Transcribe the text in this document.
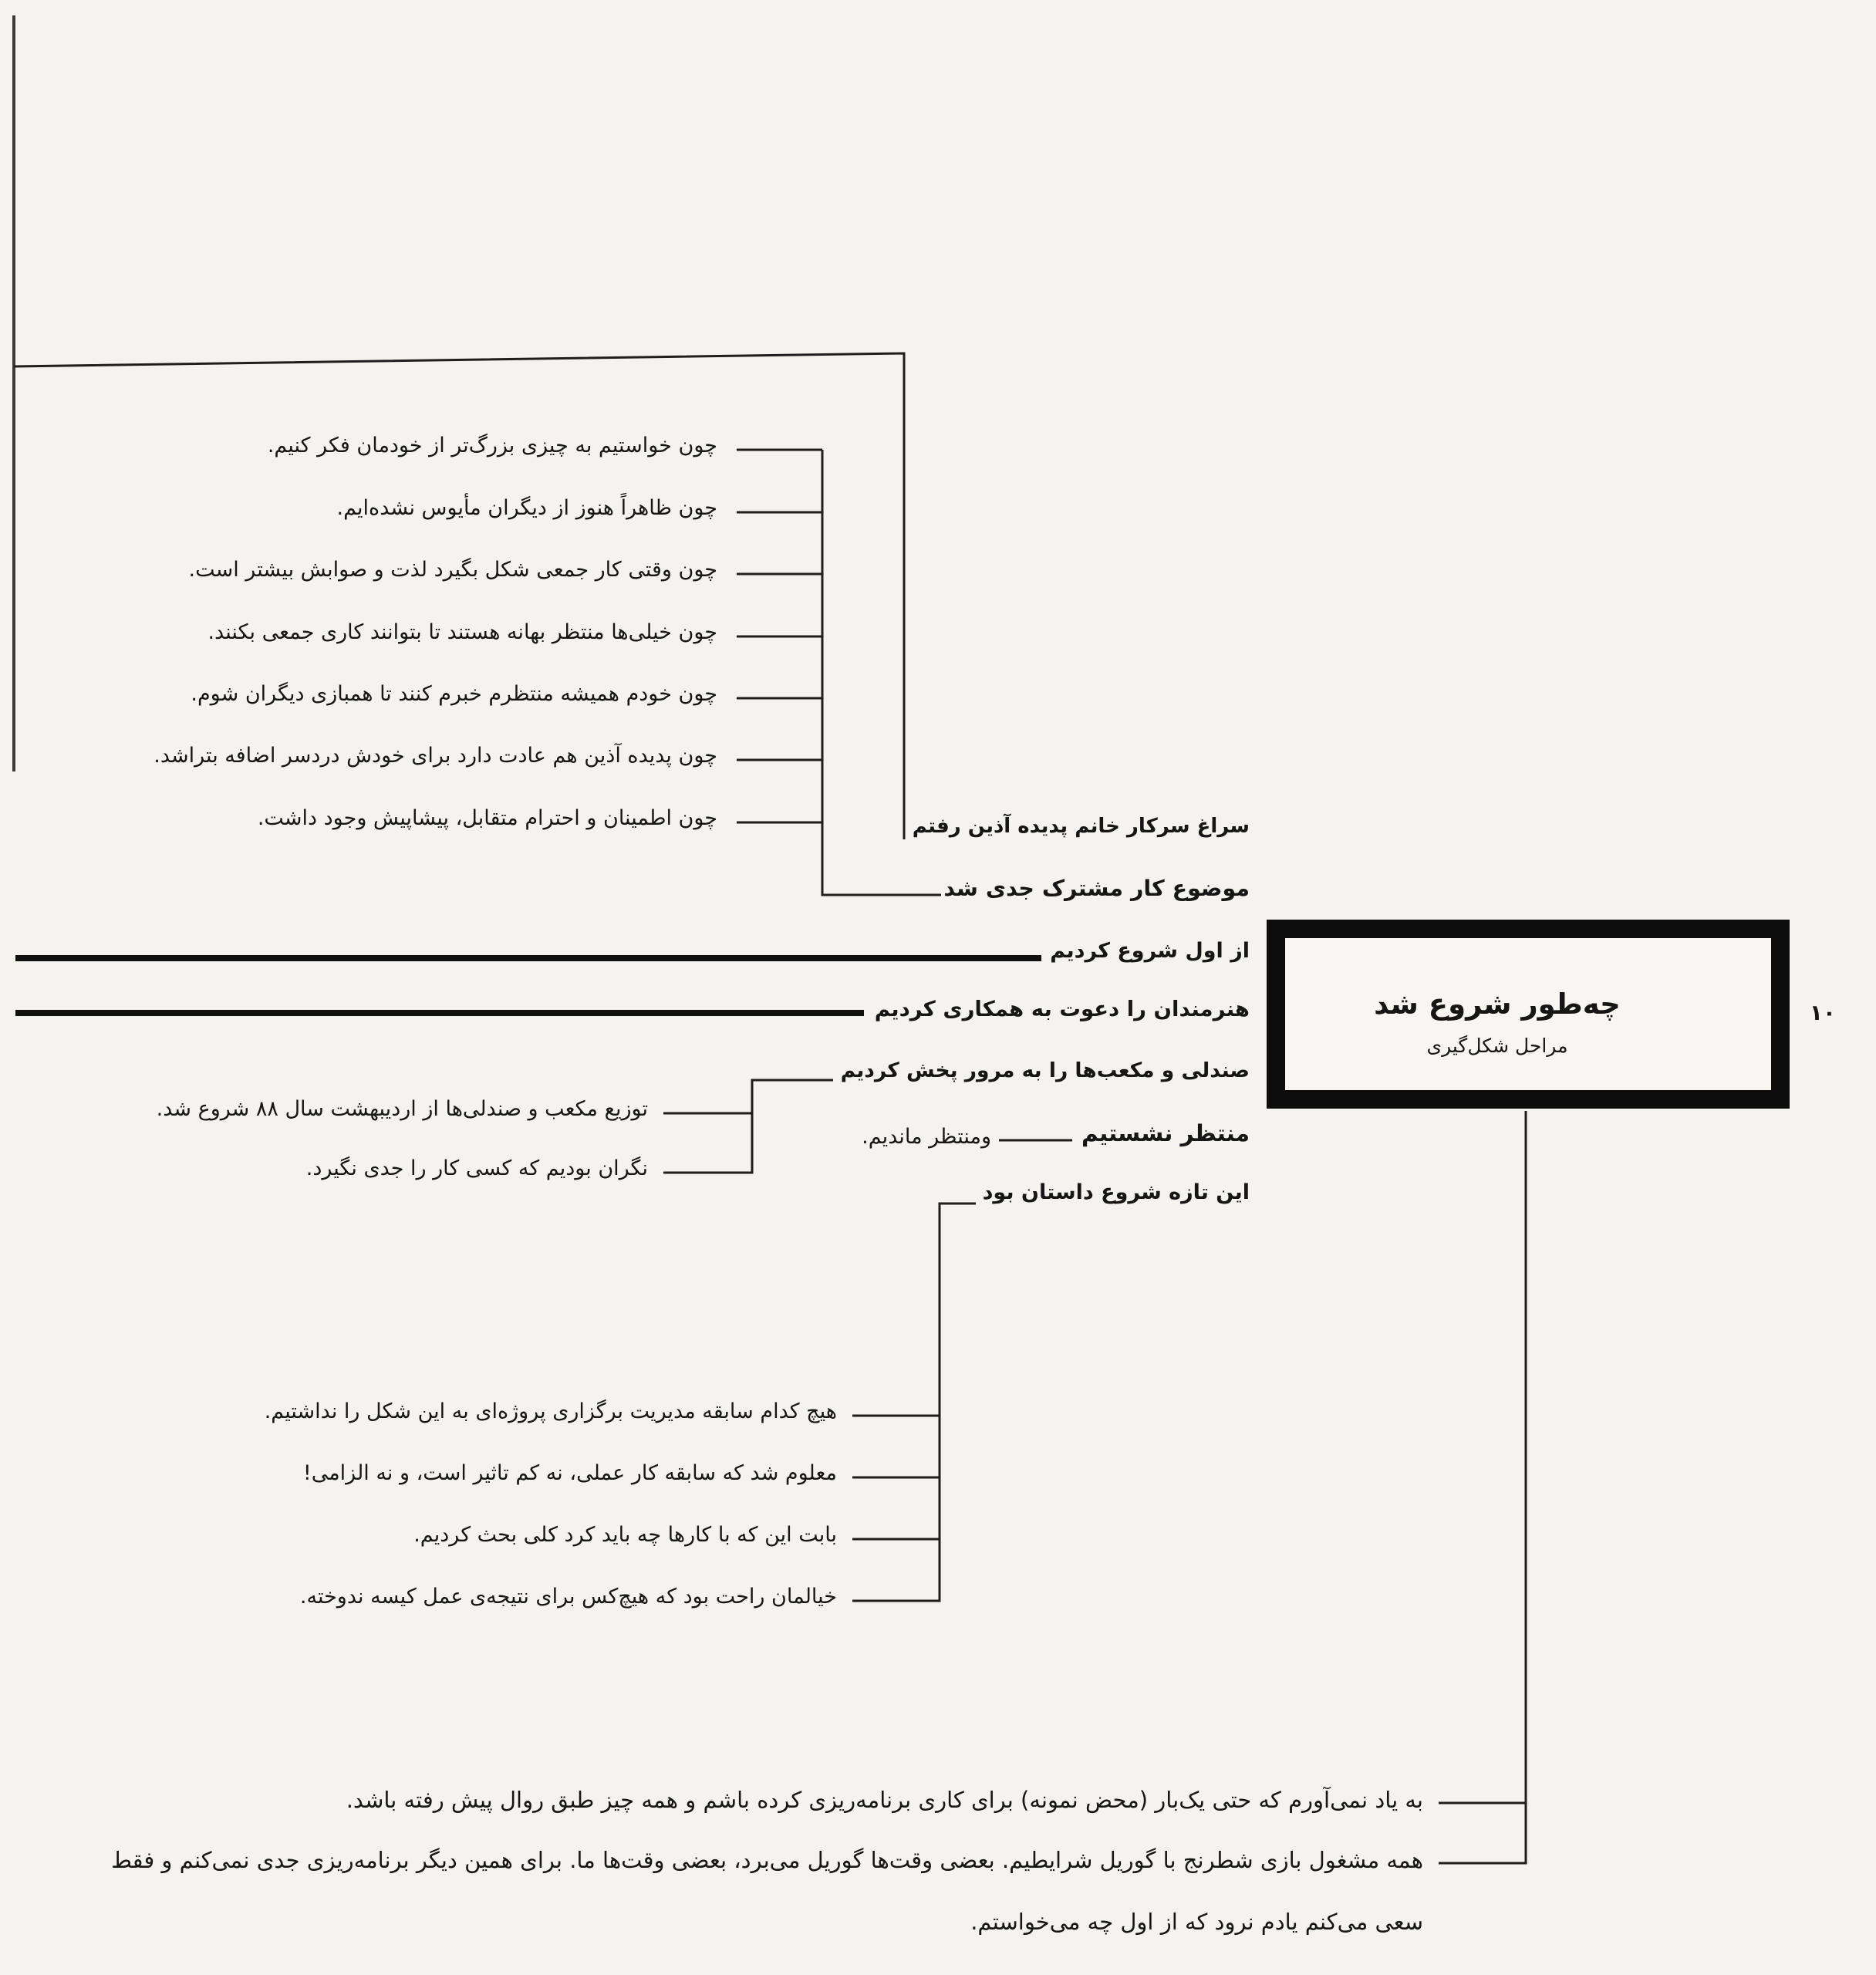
چه‌طور شروع شد
مراحل شکل‌گیری
۱۰
سراغ سرکار خانم پدیده آذین رفتم
موضوع کار مشترک جدی شد
از اول شروع کردیم
هنرمندان را دعوت به همکاری کردیم
صندلی و مکعب‌ها را به مرور پخش کردیم
منتظر نشستیم
این تازه شروع داستان بود
ومنتظر ماندیم.
چون خواستیم به چیزی بزرگ‌تر از خودمان فکر کنیم.
چون ظاهراً هنوز از دیگران مأیوس نشده‌ایم.
چون وقتی کار جمعی شکل بگیرد لذت و صوابش بیشتر است.
چون خیلی‌ها منتظر بهانه هستند تا بتوانند کاری جمعی بکنند.
چون خودم همیشه منتظرم خبرم کنند تا همبازی دیگران شوم.
چون پدیده آذین هم عادت دارد برای خودش دردسر اضافه بتراشد.
چون اطمینان و احترام متقابل، پیشاپیش وجود داشت.
توزیع مکعب و صندلی‌ها از اردیبهشت سال ۸۸ شروع شد.
نگران بودیم که کسی کار را جدی نگیرد.
هیچ کدام سابقه مدیریت برگزاری پروژه‌ای به این شکل را نداشتیم.
معلوم شد که سابقه کار عملی، نه کم تاثیر است، و نه الزامی!
بابت این که با کارها چه باید کرد کلی بحث کردیم.
خیالمان راحت بود که هیچ‌کس برای نتیجه‌ی عمل کیسه ندوخته.
به یاد نمی‌آورم که حتی یک‌بار (محض نمونه) برای کاری برنامه‌ریزی کرده باشم و همه چیز طبق روال پیش رفته باشد.
همه مشغول بازی شطرنج با گوریل شرایطیم. بعضی وقت‌ها گوریل می‌برد، بعضی وقت‌ها ما. برای همین دیگر برنامه‌ریزی جدی نمی‌کنم و فقط
سعی می‌کنم یادم نرود که از اول چه می‌خواستم.
